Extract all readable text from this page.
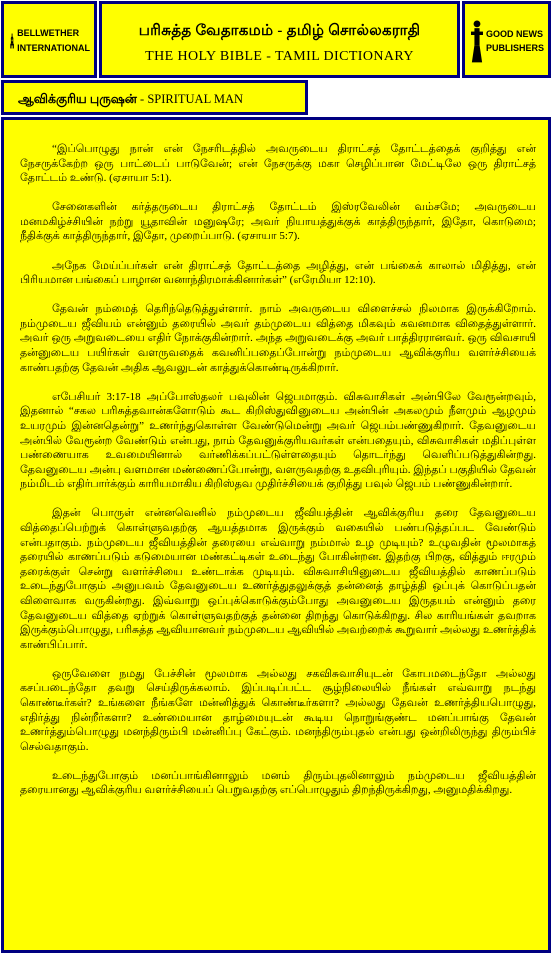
BELLWETHER
INTERNATIONAL
பரிசுத்த வேதாகமம் - தமிழ் சொல்லகராதி
THE HOLY BIBLE - TAMIL DICTIONARY
GOOD NEWS
PUBLISHERS
ஆவிக்குரிய புருஷன் - SPIRITUAL MAN

“இப்பொழுது நான் என் நேசரிடத்தில் அவருடைய திராட்சத் தோட்டத்தைக் குறித்து என் நேசருக்கேற்ற ஒரு பாட்டைப் பாடுவேன்; என் நேசருக்கு மகா செழிப்பான மேட்டிலே ஒரு திராட்சத் தோட்டம் உண்டு. (ஏசாயா 5:1).

சேனைகளின் கர்த்தருடைய திராட்சத் தோட்டம் இஸ்ரவேலின் வம்சமே; அவருடைய மனமகிழ்ச்சியின் நற்று யூதாவின் மனுஷரே; அவர் நியாயத்துக்குக் காத்திருந்தார், இதோ, கொடுமை; நீதிக்குக் காத்திருந்தார், இதோ, முறைப்பாடு. (ஏசாயா 5:7).

அநேக மேய்ப்பர்கள் என் திராட்சத் தோட்டத்தை அழித்து, என் பங்கைக் காலால் மிதித்து, என் பிரியமான பங்கைப் பாழான வனாந்திரமாக்கினார்கள்” (எரேமியா 12:10).

தேவன் நம்மைத் தெரிந்தெடுத்துள்ளார். நாம் அவருடைய விளைச்சல் நிலமாக இருக்கிறோம். நம்முடைய ஜீவியம் என்னும் தரையில் அவர் தம்முடைய வித்தை மிகவும் கவனமாக விதைத்துள்ளார். அவர் ஒரு அறுவடையை எதிர் நோக்குகின்றார். அந்த அறுவடைக்கு அவர் பாத்திரரானவர். ஒரு விவசாயி தன்னுடைய பயிர்கள் வளருவதைக் கவனிப்பதைப்போன்று நம்முடைய ஆவிக்குரிய வளர்ச்சியைக் காண்பதற்கு தேவன் அதிக ஆவலுடன் காத்துக்கொண்டிருக்கிறார்.

எபேசியர் 3:17-18 அப்போஸ்தலர் பவுலின் ஜெபமாகும். விசுவாசிகள் அன்பிலே வேரூன்றவும், இதனால் “சகல பரிசுத்தவான்களோடும் கூட கிறிஸ்துவினுடைய அன்பின் அகலமும் நீளமும் ஆழமும் உயரமும் இன்னதென்று” உணர்ந்துகொள்ள வேண்டுமென்று அவர் ஜெபம்பண்ணுகிறார். தேவனுடைய அன்பில் வேரூன்ற வேண்டும் என்பது, நாம் தேவனுக்குரியவர்கள் என்பதையும், விசுவாசிகள் மதிப்புள்ள பண்ணையாக உவமையினால் வர்ணிக்கப்பட்டுள்ளதையும் தொடர்ந்து வெளிப்படுத்துகின்றது. தேவனுடைய அன்பு வளமான மண்ணைப்போன்று, வளருவதற்கு உதவிபுரியும். இந்தப் பகுதியில் தேவன் நம்மிடம் எதிர்பார்க்கும் காரியமாகிய கிறிஸ்தவ முதிர்ச்சியைக் குறித்து பவுல் ஜெபம் பண்ணுகின்றார்.

இதன் பொருள் என்னவெனில் நம்முடைய ஜீவியத்தின் ஆவிக்குரிய தரை தேவனுடைய வித்தைப்பெற்றுக் கொள்ளுவதற்கு ஆயத்தமாக இருக்கும் வகையில் பண்படுத்தப்பட வேண்டும் என்பதாகும். நம்முடைய ஜீவியத்தின் தரையை எவ்வாறு நம்மால் உழ முடியும்? உழுவதின் மூலமாகத் தரையில் காணப்படும் கடுமையான மண்கட்டிகள் உடைந்து போகின்றன. இதற்கு பிறகு, வித்தும் ஈரமும் தரைக்குள் சென்று வளர்ச்சியை உண்டாக்க முடியும். விசுவாசியினுடைய ஜீவியத்தில் காணப்படும் உடைந்துபோகும் அனுபவம் தேவனுடைய உணர்த்துதலுக்குத் தன்னைத் தாழ்த்தி ஒப்புக் கொடுப்பதன் விளைவாக வருகின்றது. இவ்வாறு ஒப்புக்கொடுக்கும்போது அவனுடைய இருதயம் என்னும் தரை தேவனுடைய வித்தை ஏற்றுக் கொள்ளுவதற்குத் தன்னை திறந்து கொடுக்கிறது. சில காரியங்கள் தவறாக இருக்கும்பொழுது, பரிசுத்த ஆவியானவர் நம்முடைய ஆவியில் அவற்றைக் கூறுவார் அல்லது உணர்த்திக் காண்பிப்பார்.

ஒருவேளை நமது பேச்சின் மூலமாக அல்லது சகவிசுவாசியுடன் கோபமடைந்தோ அல்லது கசப்படைந்தோ தவறு செய்திருக்கலாம். இப்படிப்பட்ட சூழ்நிலையில் நீங்கள் எவ்வாறு நடந்து கொண்டீர்கள்? உங்களை நீங்களே மன்னித்துக் கொண்டீர்களா? அல்லது தேவன் உணர்த்தியபொழுது, எதிர்த்து நின்றீர்களா? உண்மையான தாழ்மையுடன் கூடிய நொறுங்குண்ட மனப்பாங்கு தேவன் உணர்த்தும்பொழுது மனந்திரும்பி மன்னிப்பு கேட்கும். மனந்திரும்புதல் என்பது ஒன்றிலிருந்து திரும்பிச் செல்வதாகும்.

உடைந்துபோகும் மனப்பாங்கினாலும் மனம் திரும்புதலினாலும் நம்முடைய ஜீவியத்தின் தரையானது ஆவிக்குரிய வளர்ச்சியைப் பெறுவதற்கு எப்பொழுதும் திறந்திருக்கிறது, அனுமதிக்கிறது.
